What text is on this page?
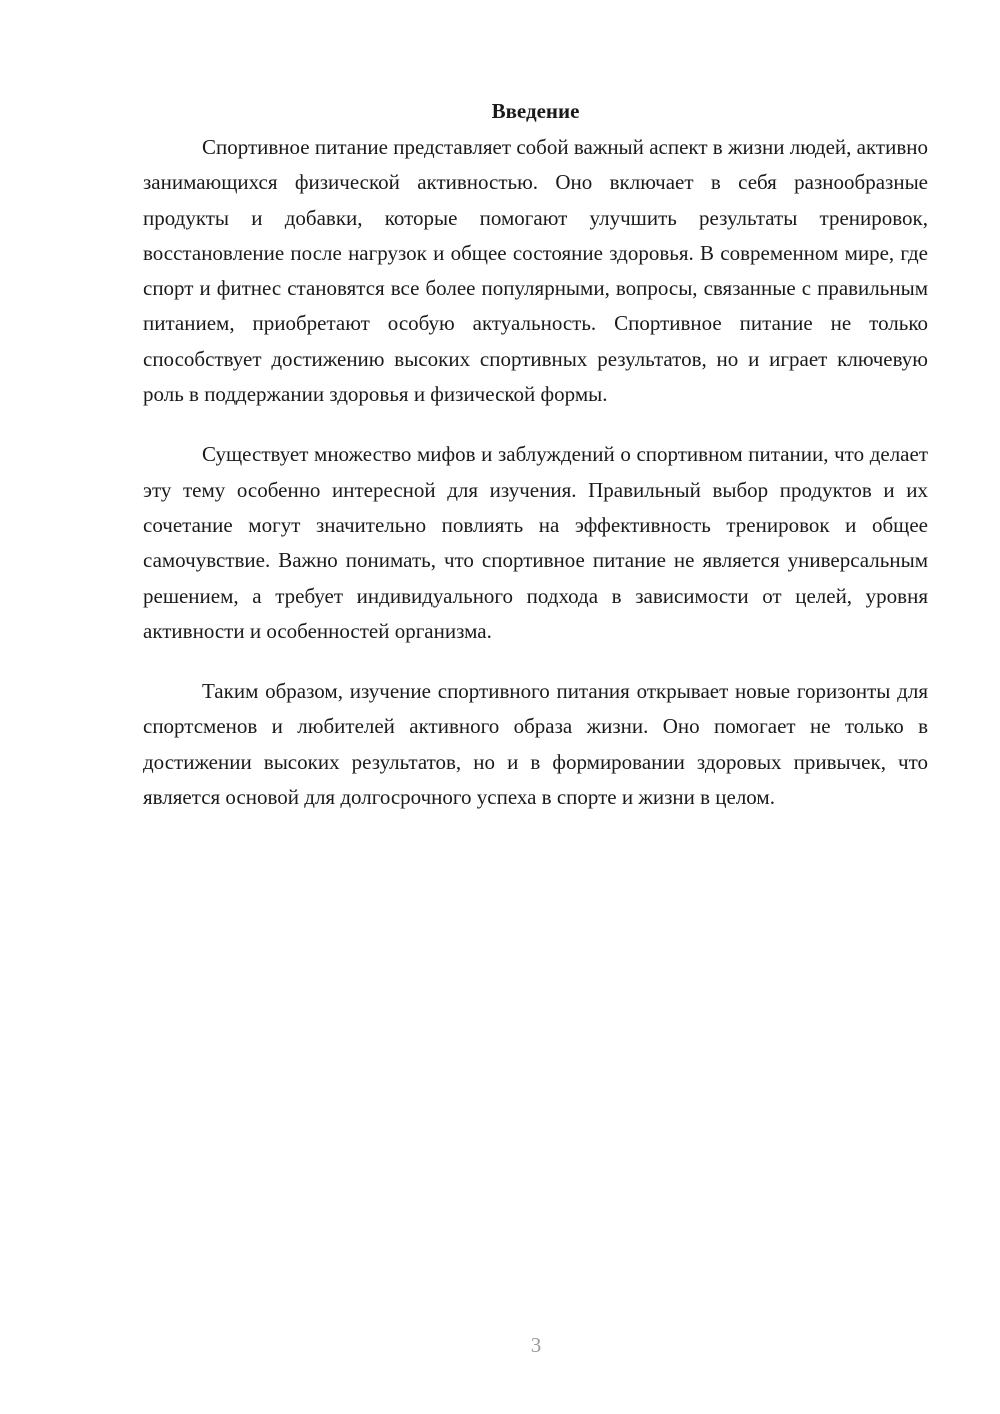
Введение

Спортивное питание представляет собой важный аспект в жизни людей, активно занимающихся физической активностью. Оно включает в себя разнообразные продукты и добавки, которые помогают улучшить результаты тренировок, восстановление после нагрузок и общее состояние здоровья. В современном мире, где спорт и фитнес становятся все более популярными, вопросы, связанные с правильным питанием, приобретают особую актуальность. Спортивное питание не только способствует достижению высоких спортивных результатов, но и играет ключевую роль в поддержании здоровья и физической формы.

Существует множество мифов и заблуждений о спортивном питании, что делает эту тему особенно интересной для изучения. Правильный выбор продуктов и их сочетание могут значительно повлиять на эффективность тренировок и общее самочувствие. Важно понимать, что спортивное питание не является универсальным решением, а требует индивидуального подхода в зависимости от целей, уровня активности и особенностей организма.

Таким образом, изучение спортивного питания открывает новые горизонты для спортсменов и любителей активного образа жизни. Оно помогает не только в достижении высоких результатов, но и в формировании здоровых привычек, что является основой для долгосрочного успеха в спорте и жизни в целом.

3
